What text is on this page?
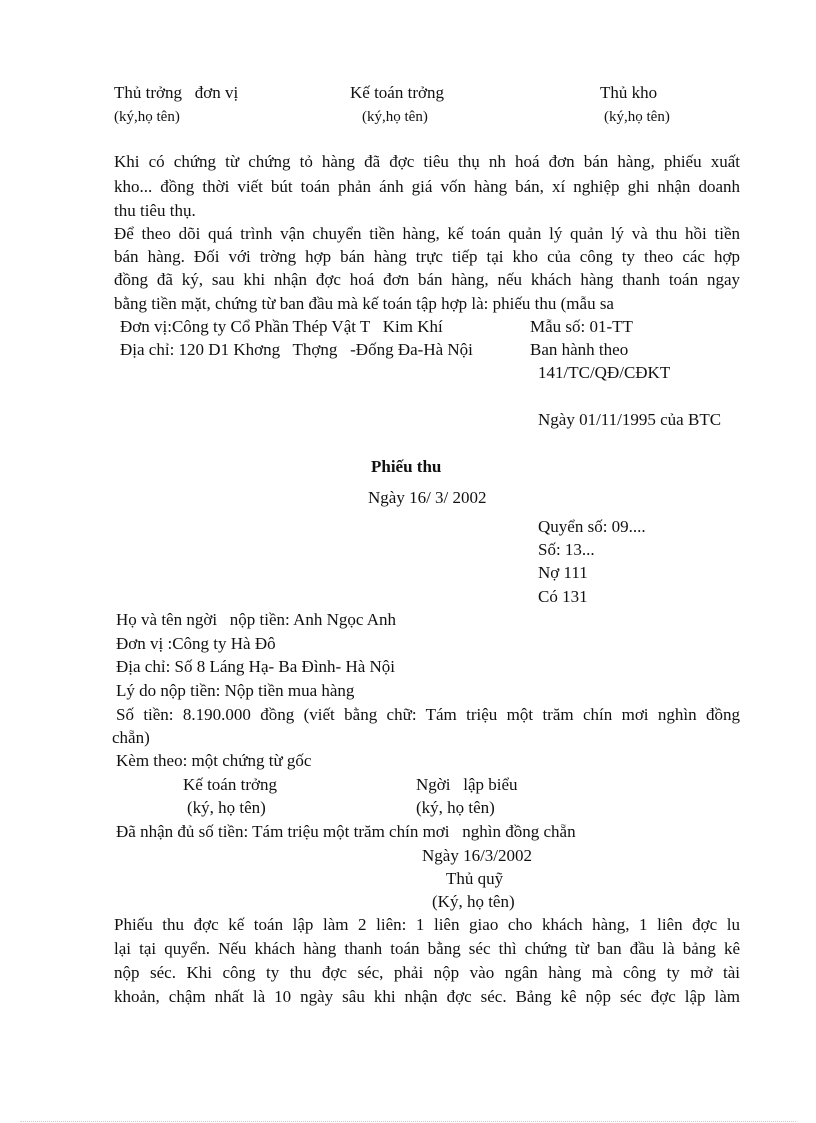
Thủ trởng   đơn vị
(ký,họ tên)
Kế toán trởng
(ký,họ tên)
Thủ kho
(ký,họ tên)
Khi có chứng từ chứng tỏ hàng đã đợc tiêu thụ nh hoá đơn bán hàng, phiếu xuất
kho... đồng thời viết bút toán phản ánh giá vốn hàng bán, xí nghiệp ghi nhận doanh
thu tiêu thụ.
Để theo dõi quá trình vận chuyển tiền hàng, kế toán quản lý quản lý và thu hồi tiền
bán hàng. Đối với trờng hợp bán hàng trực tiếp tại kho của công ty theo các hợp
đồng đã ký, sau khi nhận đợc hoá đơn bán hàng, nếu khách hàng thanh toán ngay
bằng tiền mặt, chứng từ ban đầu mà kế toán tập hợp là: phiếu thu (mẫu sa
Đơn vị:Công ty Cổ Phần Thép Vật T   Kim Khí
Địa chỉ: 120 D1 Khơng   Thợng   -Đống Đa-Hà Nội
Mẫu số: 01-TT
Ban hành theo
141/TC/QĐ/CĐKT
Ngày 01/11/1995 của BTC
Phiếu thu
Ngày 16/ 3/ 2002
Quyển số: 09....
Số: 13...
Nợ 111
Có 131
Họ và tên ngời   nộp tiền: Anh Ngọc Anh
Đơn vị :Công ty Hà Đô
Địa chỉ: Số 8 Láng Hạ- Ba Đình- Hà Nội
Lý do nộp tiền: Nộp tiền mua hàng
Số tiền: 8.190.000 đồng (viết bằng chữ: Tám triệu một trăm chín mơi nghìn đồng
chẵn)
Kèm theo: một chứng từ gốc
Kế toán trởng
(ký, họ tên)
Ngời   lập biểu
(ký, họ tên)
Đã nhận đủ số tiền: Tám triệu một trăm chín mơi   nghìn đồng chẵn
Ngày 16/3/2002
Thủ quỹ
(Ký, họ tên)
Phiếu thu đợc kế toán lập làm 2 liên: 1 liên giao cho khách hàng, 1 liên đợc lu
lại tại quyển. Nếu khách hàng thanh toán bằng séc thì chứng từ ban đầu là bảng kê
nộp séc. Khi công ty thu đợc séc, phải nộp vào ngân hàng mà công ty mở tài
khoản, chậm nhất là 10 ngày sâu khi nhận đợc séc. Bảng kê nộp séc đợc lập làm
